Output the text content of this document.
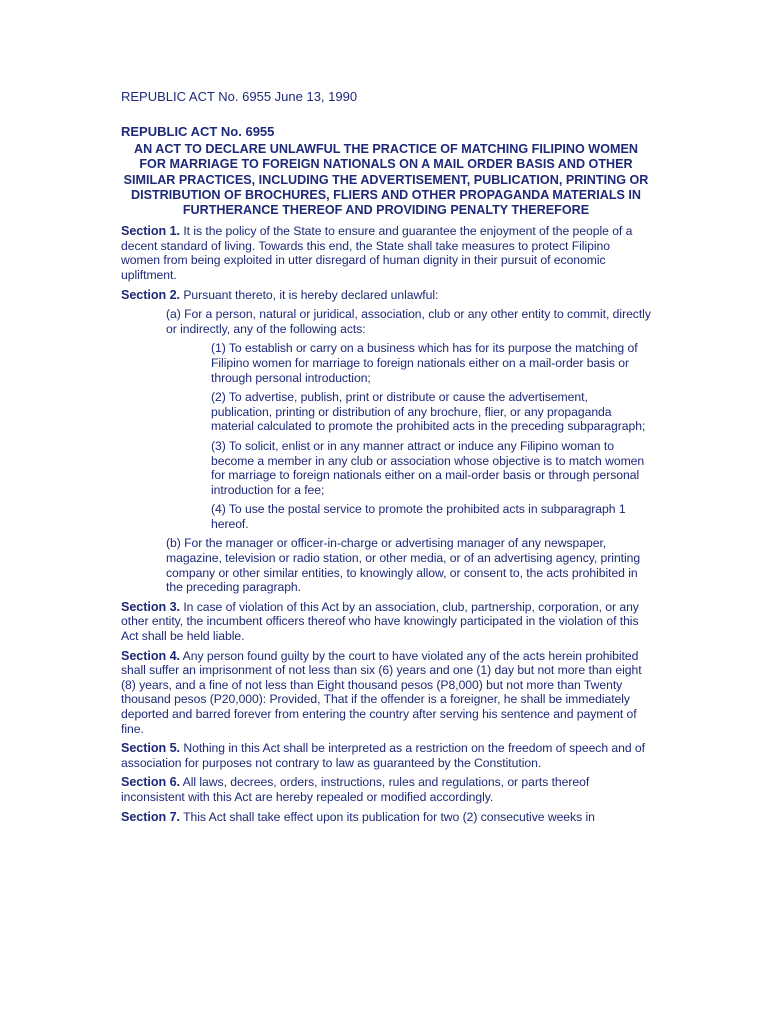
REPUBLIC ACT No. 6955 June 13, 1990
REPUBLIC ACT No. 6955
AN ACT TO DECLARE UNLAWFUL THE PRACTICE OF MATCHING FILIPINO WOMEN FOR MARRIAGE TO FOREIGN NATIONALS ON A MAIL ORDER BASIS AND OTHER SIMILAR PRACTICES, INCLUDING THE ADVERTISEMENT, PUBLICATION, PRINTING OR DISTRIBUTION OF BROCHURES, FLIERS AND OTHER PROPAGANDA MATERIALS IN FURTHERANCE THEREOF AND PROVIDING PENALTY THEREFORE
Section 1. It is the policy of the State to ensure and guarantee the enjoyment of the people of a decent standard of living. Towards this end, the State shall take measures to protect Filipino women from being exploited in utter disregard of human dignity in their pursuit of economic upliftment.
Section 2. Pursuant thereto, it is hereby declared unlawful:
(a) For a person, natural or juridical, association, club or any other entity to commit, directly or indirectly, any of the following acts:
(1) To establish or carry on a business which has for its purpose the matching of Filipino women for marriage to foreign nationals either on a mail-order basis or through personal introduction;
(2) To advertise, publish, print or distribute or cause the advertisement, publication, printing or distribution of any brochure, flier, or any propaganda material calculated to promote the prohibited acts in the preceding subparagraph;
(3) To solicit, enlist or in any manner attract or induce any Filipino woman to become a member in any club or association whose objective is to match women for marriage to foreign nationals either on a mail-order basis or through personal introduction for a fee;
(4) To use the postal service to promote the prohibited acts in subparagraph 1 hereof.
(b) For the manager or officer-in-charge or advertising manager of any newspaper, magazine, television or radio station, or other media, or of an advertising agency, printing company or other similar entities, to knowingly allow, or consent to, the acts prohibited in the preceding paragraph.
Section 3. In case of violation of this Act by an association, club, partnership, corporation, or any other entity, the incumbent officers thereof who have knowingly participated in the violation of this Act shall be held liable.
Section 4. Any person found guilty by the court to have violated any of the acts herein prohibited shall suffer an imprisonment of not less than six (6) years and one (1) day but not more than eight (8) years, and a fine of not less than Eight thousand pesos (P8,000) but not more than Twenty thousand pesos (P20,000): Provided, That if the offender is a foreigner, he shall be immediately deported and barred forever from entering the country after serving his sentence and payment of fine.
Section 5. Nothing in this Act shall be interpreted as a restriction on the freedom of speech and of association for purposes not contrary to law as guaranteed by the Constitution.
Section 6. All laws, decrees, orders, instructions, rules and regulations, or parts thereof inconsistent with this Act are hereby repealed or modified accordingly.
Section 7. This Act shall take effect upon its publication for two (2) consecutive weeks in
